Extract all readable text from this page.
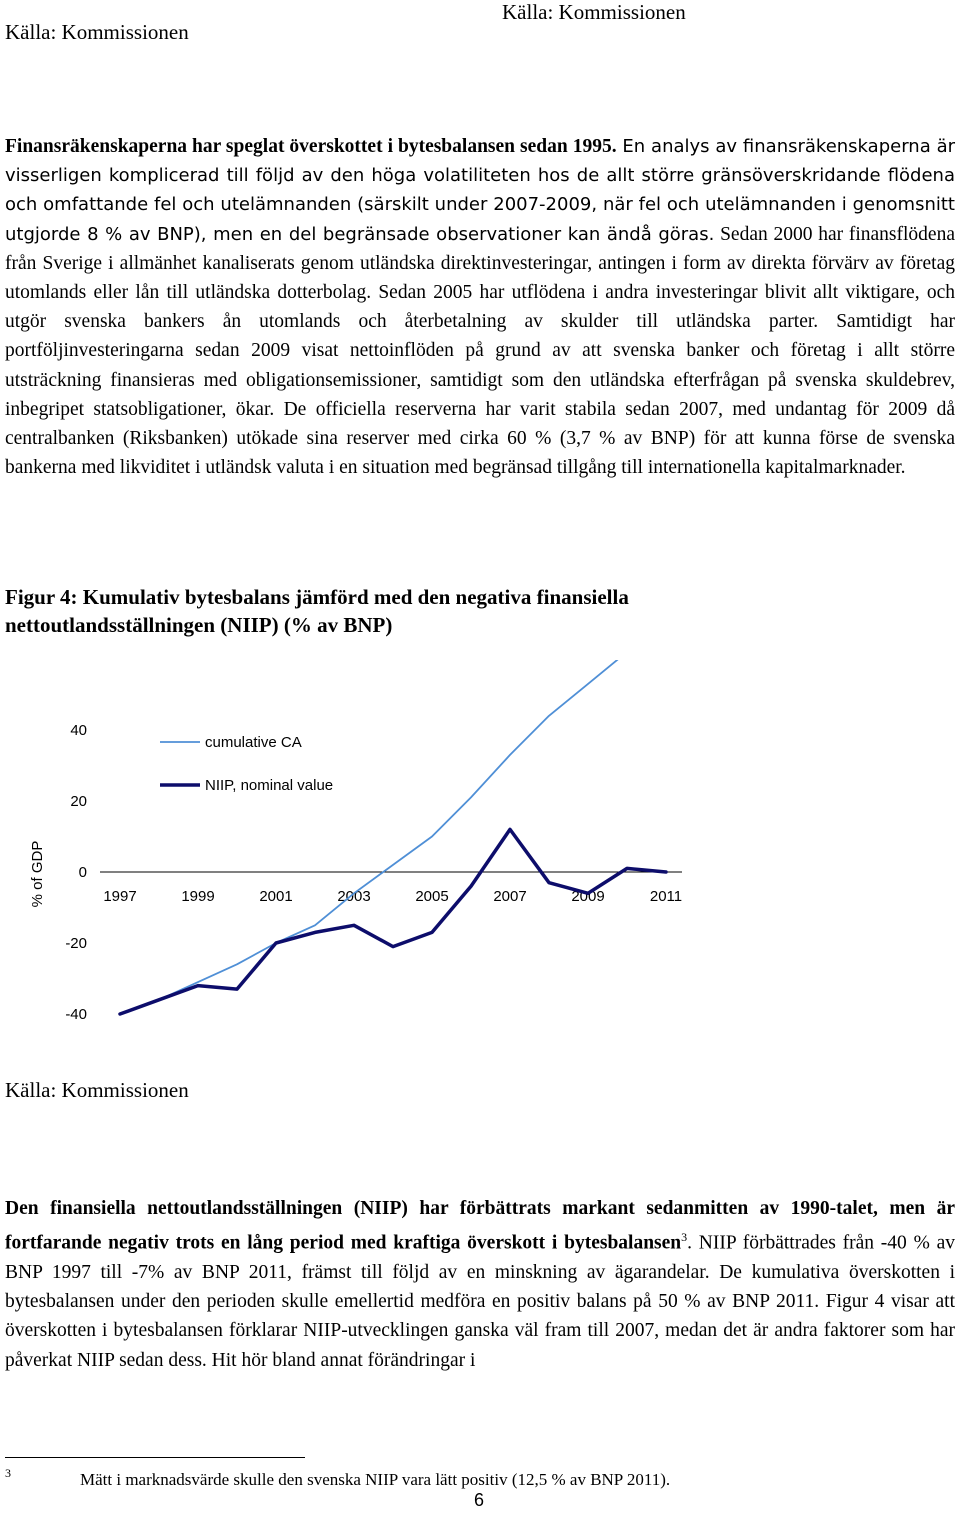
Källa: Kommissionen
Källa: Kommissionen

Finansräkenskaperna har speglat överskottet i bytesbalansen sedan 1995. En analys av finansräkenskaperna är visserligen komplicerad till följd av den höga volatiliteten hos de allt större gränsöverskridande flödena och omfattande fel och utelämnanden (särskilt under 2007-2009, när fel och utelämnanden i genomsnitt utgjorde 8 % av BNP), men en del begränsade observationer kan ändå göras. Sedan 2000 har finansflödena från Sverige i allmänhet kanaliserats genom utländska direktinvesteringar, antingen i form av direkta förvärv av företag utomlands eller lån till utländska dotterbolag. Sedan 2005 har utflödena i andra investeringar blivit allt viktigare, och utgör svenska bankers ån utomlands och återbetalning av skulder till utländska parter. Samtidigt har portföljinvesteringarna sedan 2009 visat nettoinflöden på grund av att svenska banker och företag i allt större utsträckning finansieras med obligationsemissioner, samtidigt som den utländska efterfrågan på svenska skuldebrev, inbegripet statsobligationer, ökar. De officiella reserverna har varit stabila sedan 2007, med undantag för 2009 då centralbanken (Riksbanken) utökade sina reserver med cirka 60 % (3,7 % av BNP) för att kunna förse de svenska bankerna med likviditet i utländsk valuta i en situation med begränsad tillgång till internationella kapitalmarknader.

Figur 4: Kumulativ bytesbalans jämförd med den negativa finansiella nettoutlandsställningen (NIIP) (% av BNP)

40
20
0
-20
-40
% of GDP	1997	1999	2001	2003	2005	2007	2009	2011
cumulative CA
NIIP, nominal value
Källa: Kommissionen

Den finansiella nettoutlandsställningen (NIIP) har förbättrats markant sedanmitten av 1990-talet, men är fortfarande negativ trots en lång period med kraftiga överskott i bytesbalansen$^3$. NIIP förbättrades från -40 % av BNP 1997 till -7% av BNP 2011, främst till följd av en minskning av ägarandelar. De kumulativa överskotten i bytesbalansen under den perioden skulle emellertid medföra en positiv balans på 50 % av BNP 2011. Figur 4 visar att överskotten i bytesbalansen förklarar NIIP-utvecklingen ganska väl fram till 2007, medan det är andra faktorer som har påverkat NIIP sedan dess. Hit hör bland annat förändringar i

3	Mätt i marknadsvärde skulle den svenska NIIP vara lätt positiv (12,5 % av BNP 2011).
6
